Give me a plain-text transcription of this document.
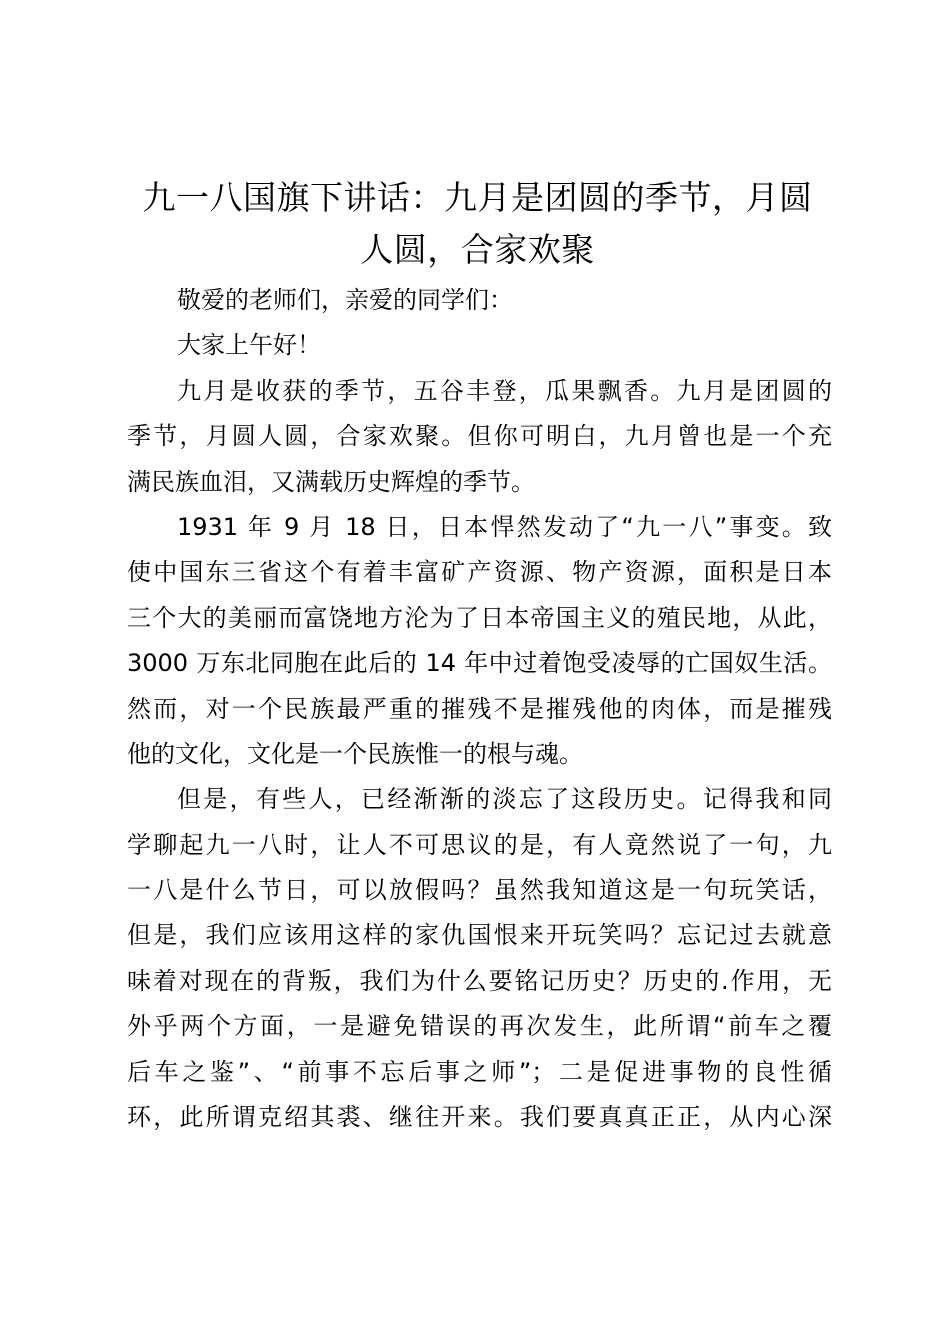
九一八国旗下讲话：九月是团圆的季节，月圆
人圆，合家欢聚
敬爱的老师们，亲爱的同学们：
大家上午好！
九月是收获的季节，五谷丰登，瓜果飘香。九月是团圆的
季节，月圆人圆，合家欢聚。但你可明白，九月曾也是一个充
满民族血泪，又满载历史辉煌的季节。
1931 年 9 月 18 日，日本悍然发动了“九一八”事变。致
使中国东三省这个有着丰富矿产资源、物产资源，面积是日本
三个大的美丽而富饶地方沦为了日本帝国主义的殖民地，从此，
3000 万东北同胞在此后的 14 年中过着饱受凌辱的亡国奴生活。
然而，对一个民族最严重的摧残不是摧残他的肉体，而是摧残
他的文化，文化是一个民族惟一的根与魂。
但是，有些人，已经渐渐的淡忘了这段历史。记得我和同
学聊起九一八时，让人不可思议的是，有人竟然说了一句，九
一八是什么节日，可以放假吗？虽然我知道这是一句玩笑话，
但是，我们应该用这样的家仇国恨来开玩笑吗？忘记过去就意
味着对现在的背叛，我们为什么要铭记历史？历史的.作用，无
外乎两个方面，一是避免错误的再次发生，此所谓“前车之覆
后车之鉴”、“前事不忘后事之师”；二是促进事物的良性循
环，此所谓克绍其裘、继往开来。我们要真真正正，从内心深
